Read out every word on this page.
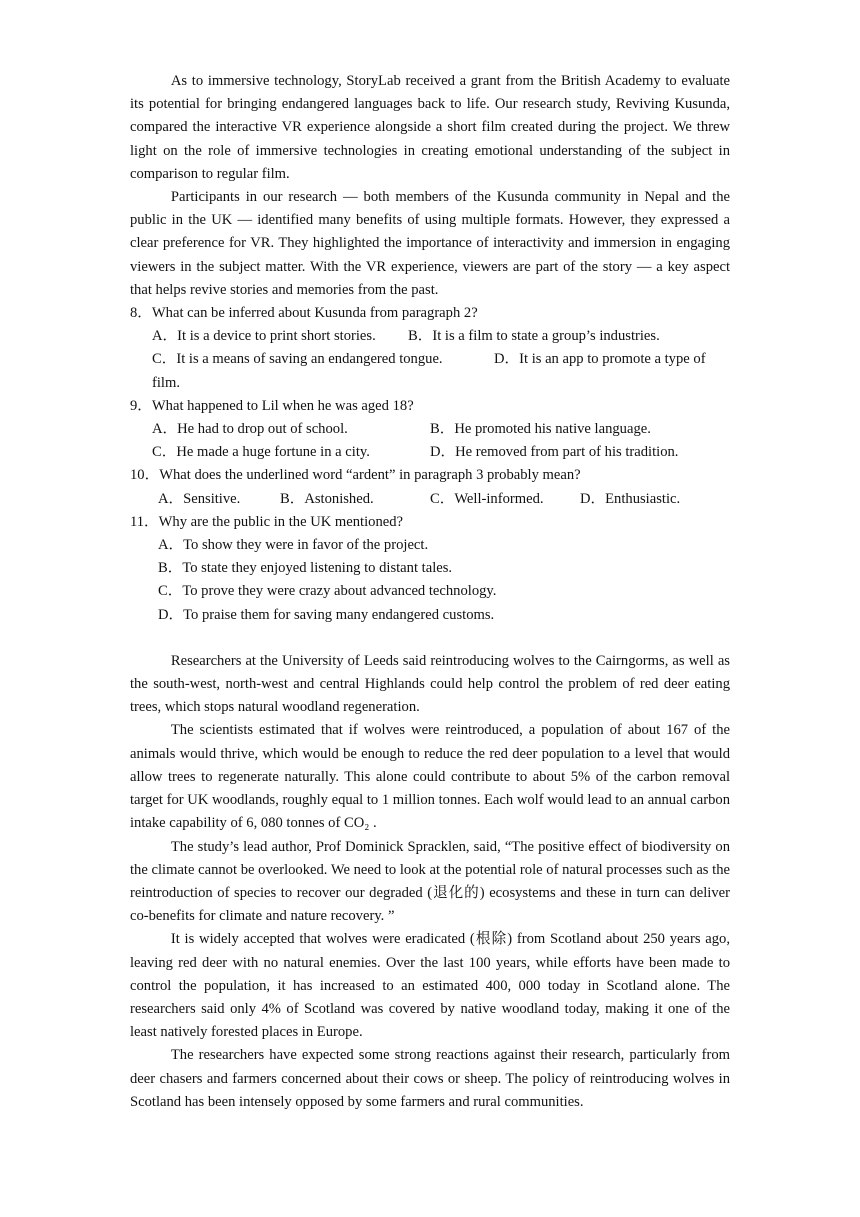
As to immersive technology, StoryLab received a grant from the British Academy to evaluate its potential for bringing endangered languages back to life. Our research study, Reviving Kusunda, compared the interactive VR experience alongside a short film created during the project. We threw light on the role of immersive technologies in creating emotional understanding of the subject in comparison to regular film.

Participants in our research — both members of the Kusunda community in Nepal and the public in the UK — identified many benefits of using multiple formats. However, they expressed a clear preference for VR. They highlighted the importance of interactivity and immersion in engaging viewers in the subject matter. With the VR experience, viewers are part of the story — a key aspect that helps revive stories and memories from the past.

8．What can be inferred about Kusunda from paragraph 2?
A．It is a device to print short stories.	B．It is a film to state a group’s industries.
C．It is a means of saving an endangered tongue.	D．It is an app to promote a type of
film.
9．What happened to Lil when he was aged 18?
A．He had to drop out of school.	B．He promoted his native language.
C．He made a huge fortune in a city.	D．He removed from part of his tradition.
10．What does the underlined word “ardent” in paragraph 3 probably mean?
A．Sensitive.	B．Astonished.	C．Well-informed.	D．Enthusiastic.
11．Why are the public in the UK mentioned?
A．To show they were in favor of the project.
B．To state they enjoyed listening to distant tales.
C．To prove they were crazy about advanced technology.
D．To praise them for saving many endangered customs.

Researchers at the University of Leeds said reintroducing wolves to the Cairngorms, as well as the south-west, north-west and central Highlands could help control the problem of red deer eating trees, which stops natural woodland regeneration.

The scientists estimated that if wolves were reintroduced, a population of about 167 of the animals would thrive, which would be enough to reduce the red deer population to a level that would allow trees to regenerate naturally. This alone could contribute to about 5% of the carbon removal target for UK woodlands, roughly equal to 1 million tonnes. Each wolf would lead to an annual carbon intake capability of 6, 080 tonnes of CO₂ .

The study’s lead author, Prof Dominick Spracklen, said, “The positive effect of biodiversity on the climate cannot be overlooked. We need to look at the potential role of natural processes such as the reintroduction of species to recover our degraded (退化的) ecosystems and these in turn can deliver co-benefits for climate and nature recovery. ”

It is widely accepted that wolves were eradicated (根除) from Scotland about 250 years ago, leaving red deer with no natural enemies. Over the last 100 years, while efforts have been made to control the population, it has increased to an estimated 400, 000 today in Scotland alone. The researchers said only 4% of Scotland was covered by native woodland today, making it one of the least natively forested places in Europe.

The researchers have expected some strong reactions against their research, particularly from deer chasers and farmers concerned about their cows or sheep. The policy of reintroducing wolves in Scotland has been intensely opposed by some farmers and rural communities.
